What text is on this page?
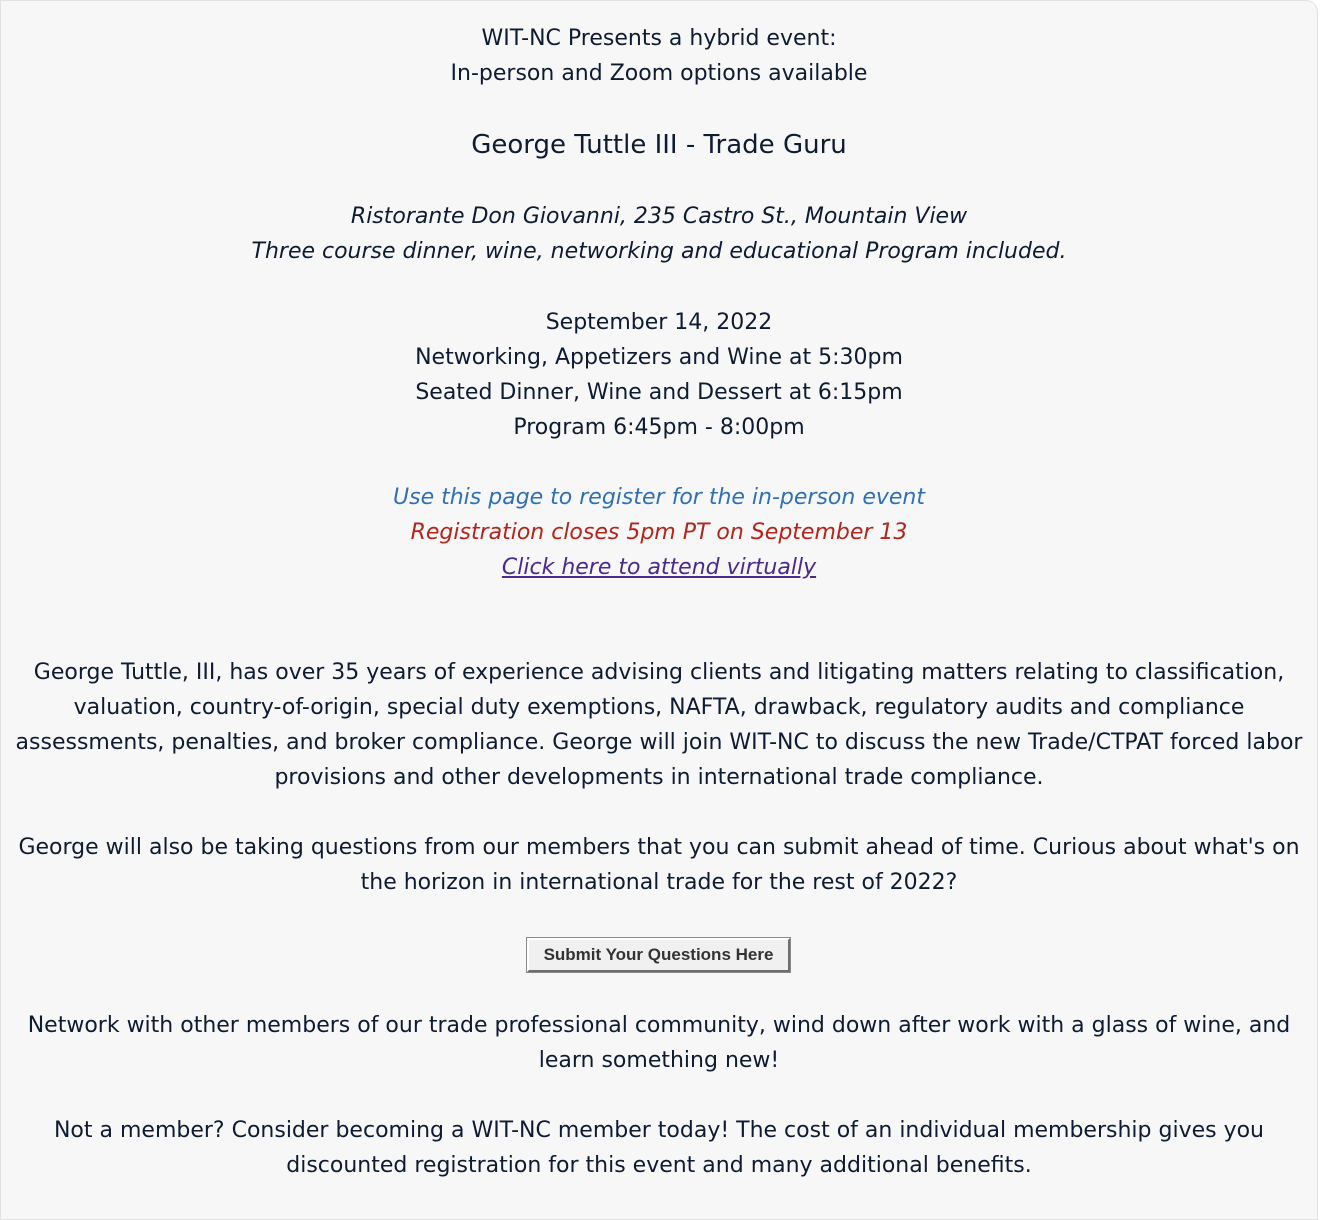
WIT-NC Presents a hybrid event:
In-person and Zoom options available
George Tuttle III - Trade Guru
Ristorante Don Giovanni, 235 Castro St., Mountain View
Three course dinner, wine, networking and educational Program included.
September 14, 2022
Networking, Appetizers and Wine at 5:30pm
Seated Dinner, Wine and Dessert at 6:15pm
Program 6:45pm - 8:00pm
Use this page to register for the in-person event
Registration closes 5pm PT on September 13
Click here to attend virtually

George Tuttle, III, has over 35 years of experience advising clients and litigating matters relating to classification, valuation, country-of-origin, special duty exemptions, NAFTA, drawback, regulatory audits and compliance assessments, penalties, and broker compliance. George will join WIT-NC to discuss the new Trade/CTPAT forced labor provisions and other developments in international trade compliance.

George will also be taking questions from our members that you can submit ahead of time. Curious about what's on the horizon in international trade for the rest of 2022?

Submit Your Questions Here

Network with other members of our trade professional community, wind down after work with a glass of wine, and learn something new!

Not a member? Consider becoming a WIT-NC member today! The cost of an individual membership gives you discounted registration for this event and many additional benefits.
